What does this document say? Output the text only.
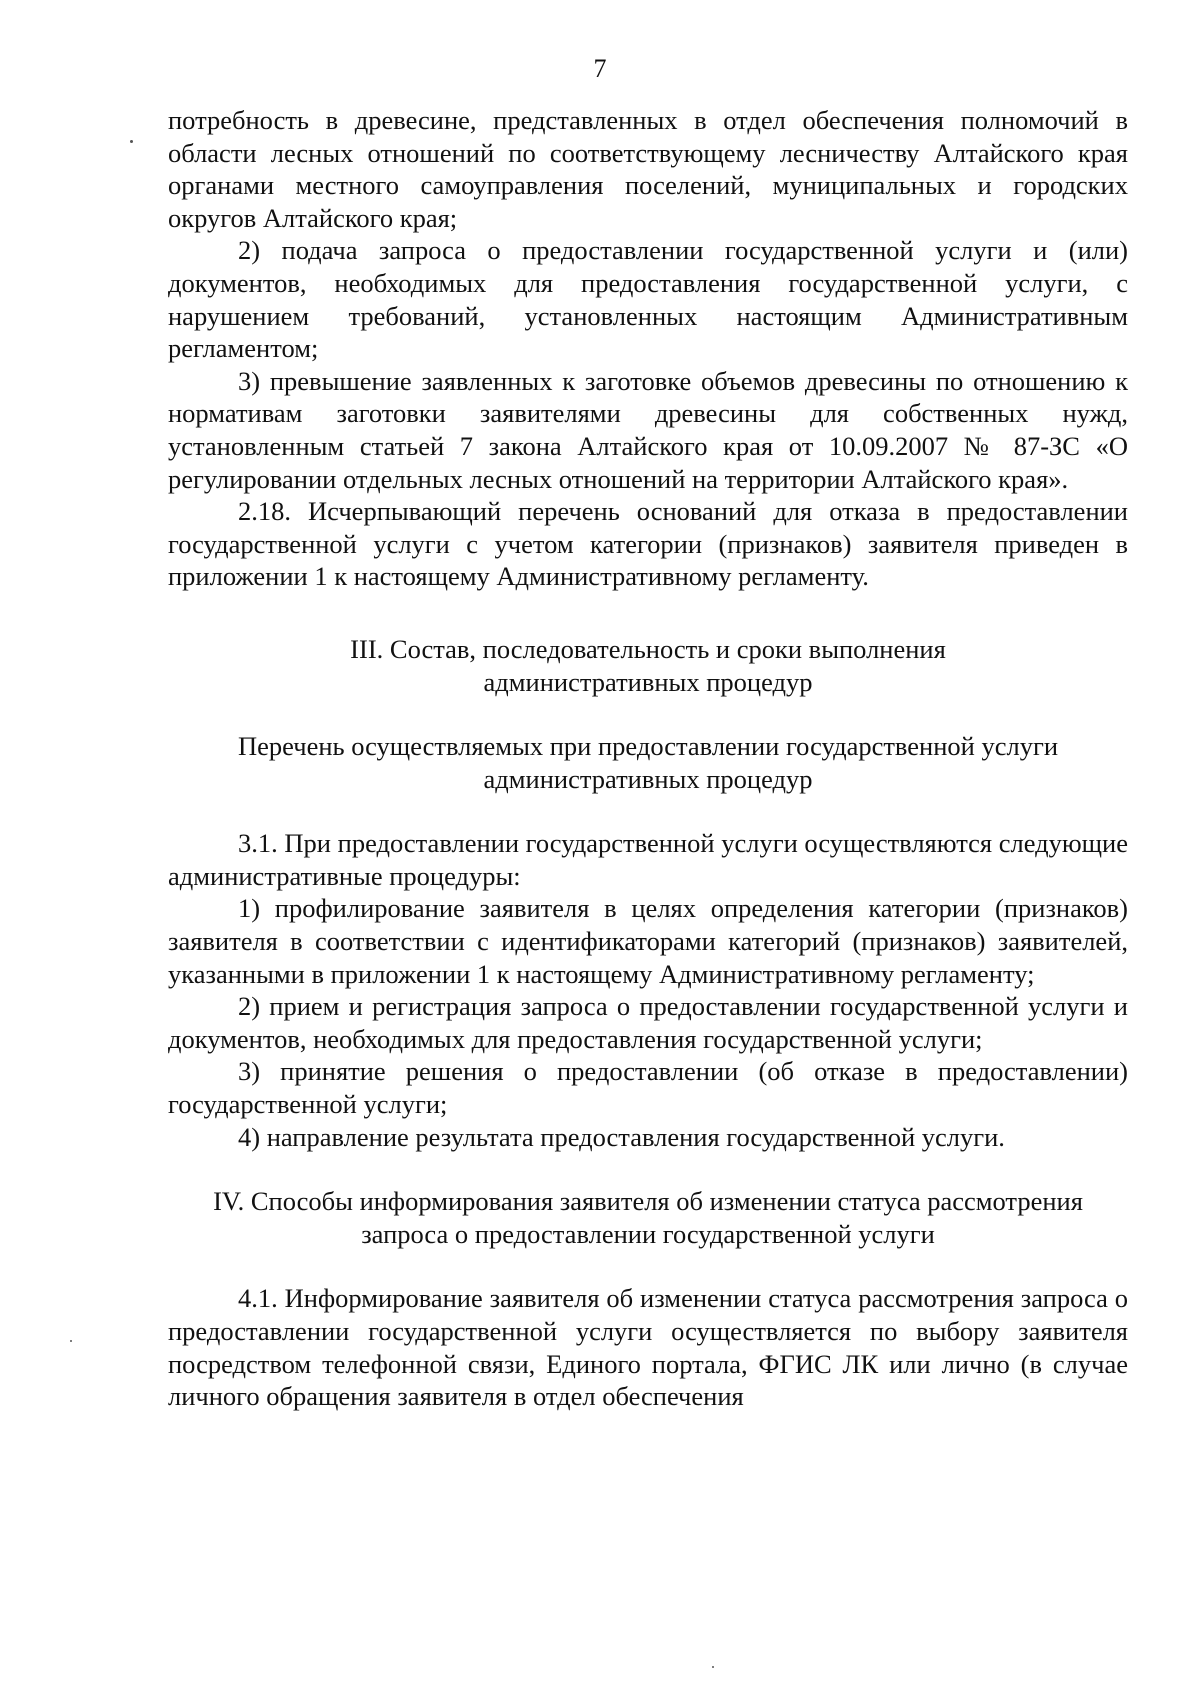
7

потребность в древесине, представленных в отдел обеспечения полномочий в области лесных отношений по соответствующему лесничеству Алтайского края органами местного самоуправления поселений, муниципальных и городских округов Алтайского края;

2) подача запроса о предоставлении государственной услуги и (или) документов, необходимых для предоставления государственной услуги, с нарушением требований, установленных настоящим Административным регламентом;

3) превышение заявленных к заготовке объемов древесины по отношению к нормативам заготовки заявителями древесины для собственных нужд, установленным статьей 7 закона Алтайского края от 10.09.2007 № 87-ЗС «О регулировании отдельных лесных отношений на территории Алтайского края».

2.18. Исчерпывающий перечень оснований для отказа в предоставлении государственной услуги с учетом категории (признаков) заявителя приведен в приложении 1 к настоящему Административному регламенту.

III. Состав, последовательность и сроки выполнения

административных процедур

Перечень осуществляемых при предоставлении государственной услуги

административных процедур

3.1. При предоставлении государственной услуги осуществляются следующие административные процедуры:

1) профилирование заявителя в целях определения категории (признаков) заявителя в соответствии с идентификаторами категорий (признаков) заявителей, указанными в приложении 1 к настоящему Административному регламенту;

2) прием и регистрация запроса о предоставлении государственной услуги и документов, необходимых для предоставления государственной услуги;

3) принятие решения о предоставлении (об отказе в предоставлении) государственной услуги;

4) направление результата предоставления государственной услуги.

IV. Способы информирования заявителя об изменении статуса рассмотрения

запроса о предоставлении государственной услуги

4.1. Информирование заявителя об изменении статуса рассмотрения запроса о предоставлении государственной услуги осуществляется по выбору заявителя посредством телефонной связи, Единого портала, ФГИС ЛК или лично (в случае личного обращения заявителя в отдел обеспечения
